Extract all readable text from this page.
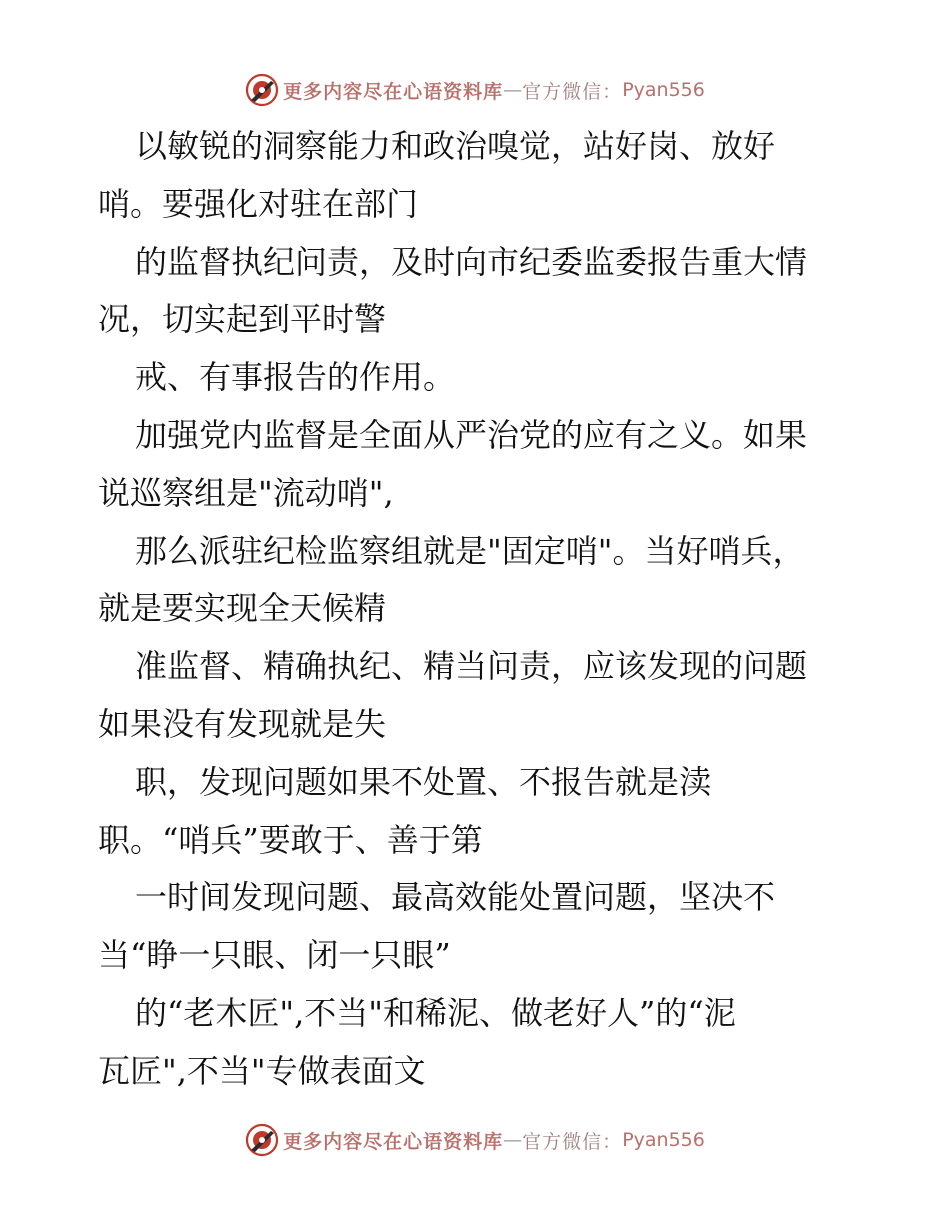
更多内容尽在心语资料库 — 官方微信： Pyan556
以敏锐的洞察能力和政治嗅觉，站好岗、放好
哨。要强化对驻在部门
的监督执纪问责，及时向市纪委监委报告重大情
况，切实起到平时警
戒、有事报告的作用。
加强党内监督是全面从严治党的应有之义。如果
说巡察组是"流动哨",
那么派驻纪检监察组就是"固定哨"。当好哨兵，
就是要实现全天候精
准监督、精确执纪、精当问责，应该发现的问题
如果没有发现就是失
职，发现问题如果不处置、不报告就是渎
职。“哨兵”要敢于、善于第
一时间发现问题、最高效能处置问题，坚决不
当“睁一只眼、闭一只眼”
的“老木匠",不当"和稀泥、做老好人”的“泥
瓦匠",不当"专做表面文
更多内容尽在心语资料库 — 官方微信： Pyan556
